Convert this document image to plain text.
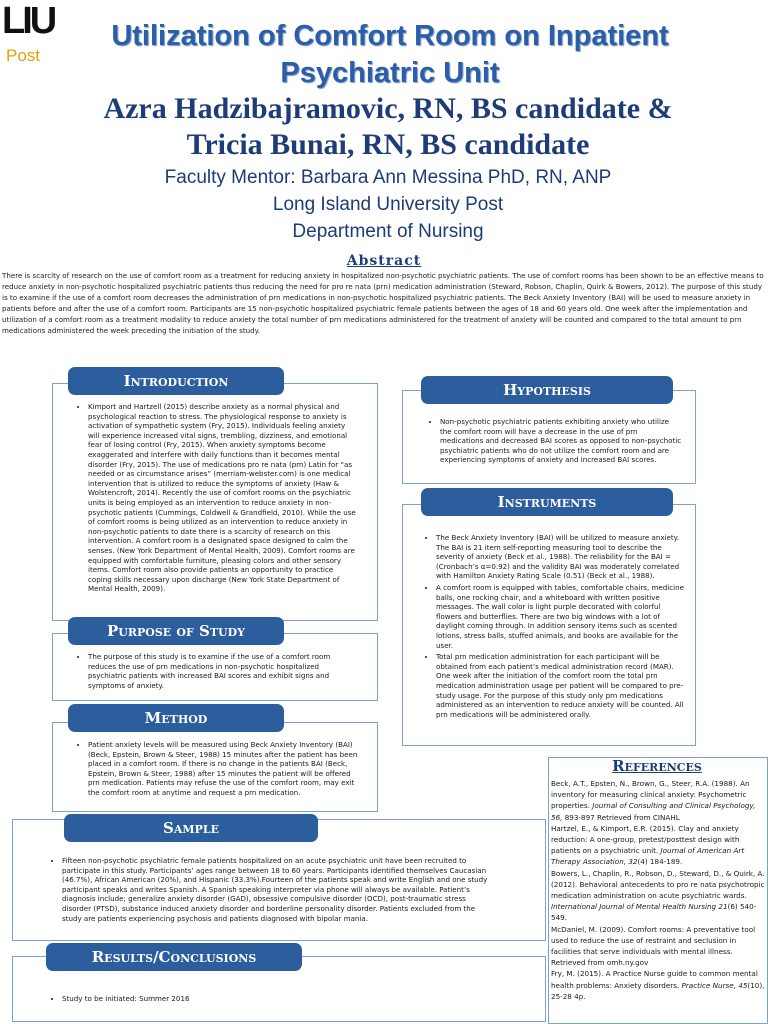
LIU
Post
Utilization of Comfort Room on Inpatient
Psychiatric Unit
Azra Hadzibajramovic, RN, BS candidate &
Tricia Bunai, RN, BS candidate
Faculty Mentor: Barbara Ann Messina PhD, RN, ANP
Long Island University Post
Department of Nursing
Abstract
There is scarcity of research on the use of comfort room as a treatment for reducing anxiety in hospitalized non-psychotic psychiatric patients. The use of comfort rooms has been shown to be an effective means to reduce anxiety in non-psychotic hospitalized psychiatric patients thus reducing the need for pro re nata (prn) medication administration (Steward, Robson, Chaplin, Quirk & Bowers, 2012). The purpose of this study is to examine if the use of a comfort room decreases the administration of prn medications in non-psychotic hospitalized psychiatric patients. The Beck Anxiety Inventory (BAI) will be used to measure anxiety in patients before and after the use of a comfort room. Participants are 15 non-psychotic hospitalized psychiatric female patients between the ages of 18 and 60 years old. One week after the implementation and utilization of a comfort room as a treatment modality to reduce anxiety the total number of prn medications administered for the treatment of anxiety will be counted and compared to the total amount to prn medications administered the week preceding the initiation of the study.
Introduction
• Kimport and Hartzell (2015) describe anxiety as a normal physical and psychological reaction to stress. The physiological response to anxiety is activation of sympathetic system (Fry, 2015). Individuals feeling anxiety will experience increased vital signs, trembling, dizziness, and emotional fear of losing control (Fry, 2015). When anxiety symptoms become exaggerated and interfere with daily functions than it becomes mental disorder (Fry, 2015). The use of medications pro re nata (prn) Latin for “as needed or as circumstance arises” (merriam-webster.com) is one medical intervention that is utilized to reduce the symptoms of anxiety (Haw & Wolstencroft, 2014). Recently the use of comfort rooms on the psychiatric units is being employed as an intervention to reduce anxiety in non-psychotic patients (Cummings, Coldwell & Grandfield, 2010). While the use of comfort rooms is being utilized as an intervention to reduce anxiety in non-psychotic patients to date there is a scarcity of research on this intervention. A comfort room is a designated space designed to calm the senses. (New York Department of Mental Health, 2009). Comfort rooms are equipped with comfortable furniture, pleasing colors and other sensory items. Comfort room also provide patients an opportunity to practice coping skills necessary upon discharge (New York State Department of Mental Health, 2009).
Purpose of Study
• The purpose of this study is to examine if the use of a comfort room reduces the use of prn medications in non-psychotic hospitalized psychiatric patients with increased BAI scores and exhibit signs and symptoms of anxiety.
Method
• Patient anxiety levels will be measured using Beck Anxiety Inventory (BAI) (Beck, Epstein, Brown & Steer, 1988) 15 minutes after the patient has been placed in a comfort room. If there is no change in the patients BAI (Beck, Epstein, Brown & Steer, 1988) after 15 minutes the patient will be offered prn medication. Patients may refuse the use of the comfort room, may exit the comfort room at anytime and request a prn medication.
Sample
• Fifteen non-psychotic psychiatric female patients hospitalized on an acute psychiatric unit have been recruited to participate in this study. Participants’ ages range between 18 to 60 years. Participants identified themselves Caucasian (46.7%), African American (20%), and Hispanic (33.3%).Fourteen of the patients speak and write English and one study participant speaks and writes Spanish. A Spanish speaking interpreter via phone will always be available. Patient’s diagnosis include; generalize anxiety disorder (GAD), obsessive compulsive disorder (OCD), post-traumatic stress disorder (PTSD), substance induced anxiety disorder and borderline personality disorder. Patients excluded from the study are patients experiencing psychosis and patients diagnosed with bipolar mania.
Results/Conclusions
• Study to be initiated: Summer 2016
Hypothesis
• Non-psychotic psychiatric patients exhibiting anxiety who utilize the comfort room will have a decrease in the use of prn medications and decreased BAI scores as opposed to non-psychotic psychiatric patients who do not utilize the comfort room and are experiencing symptoms of anxiety and increased BAI scores.
Instruments
• The Beck Anxiety Inventory (BAI) will be utilized to measure anxiety. The BAI is 21 item self-reporting measuring tool to describe the severity of anxiety (Beck et al., 1988). The reliability for the BAI = (Cronbach’s α=0.92) and the validity BAI was moderately correlated with Hamilton Anxiety Rating Scale (0.51) (Beck et al., 1988).
• A comfort room is equipped with tables, comfortable chairs, medicine balls, one rocking chair, and a whiteboard with written positive messages. The wall color is light purple decorated with colorful flowers and butterflies. There are two big windows with a lot of daylight coming through. In addition sensory items such as scented lotions, stress balls, stuffed animals, and books are available for the user.
• Total prn medication administration for each participant will be obtained from each patient’s medical administration record (MAR). One week after the initiation of the comfort room the total prn medication administration usage per patient will be compared to pre-study usage. For the purpose of this study only prn medications administered as an intervention to reduce anxiety will be counted. All prn medications will be administered orally.
References

Beck, A.T., Epsten, N., Brown, G., Steer, R.A. (1988). An inventory for measuring clinical anxiety: Psychometric properties. Journal of Consulting and Clinical Psychology, 56, 893-897 Retrieved from CINAHL

Hartzel, E., & Kimport, E.R. (2015). Clay and anxiety reduction: A one-group, pretest/posttest design with patients on a psychiatric unit. Journal of American Art Therapy Association, 32(4) 184-189.

Bowers, L., Chaplin, R., Robson, D., Steward, D., & Quirk, A. (2012). Behavioral antecedents to pro re nata psychotropic medication administration on acute psychiatric wards. International Journal of Mental Health Nursing 21(6) 540-549.

McDaniel, M. (2009). Comfort rooms: A preventative tool used to reduce the use of restraint and seclusion in facilities that serve individuals with mental illness. Retrieved from omh.ny.gov

Fry, M. (2015). A Practice Nurse guide to common mental health problems: Anxiety disorders. Practice Nurse, 45(10), 25-28 4p.
